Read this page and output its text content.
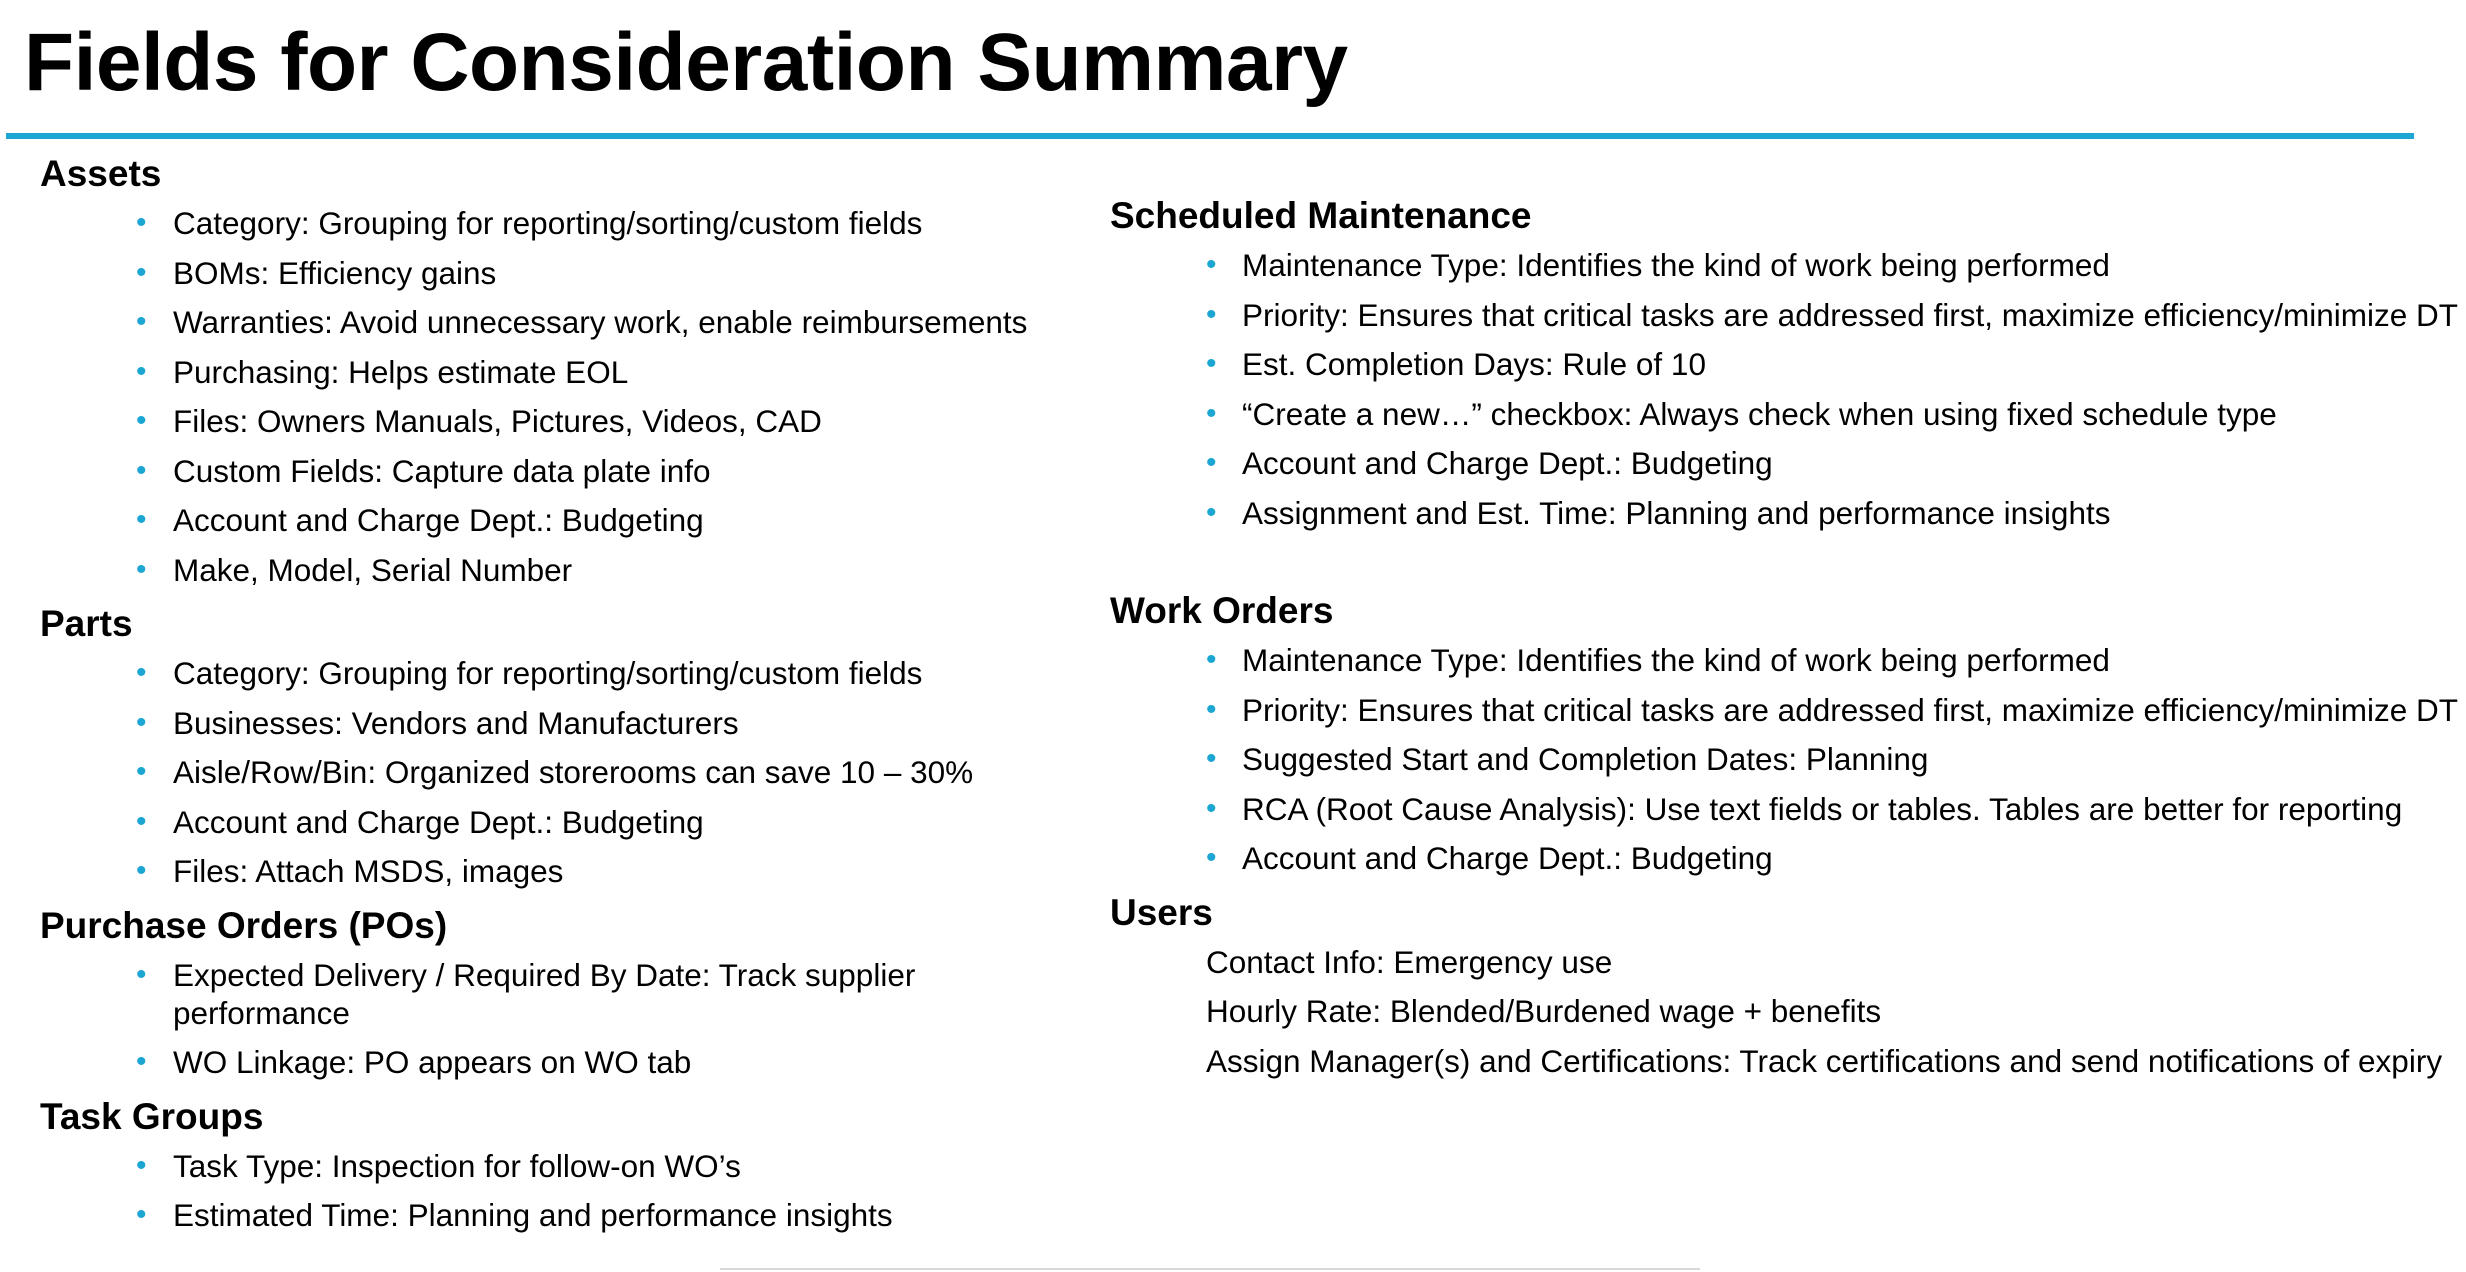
Fields for Consideration Summary
Assets
• Category: Grouping for reporting/sorting/custom fields
• BOMs: Efficiency gains
• Warranties: Avoid unnecessary work, enable reimbursements
• Purchasing: Helps estimate EOL
• Files: Owners Manuals, Pictures, Videos, CAD
• Custom Fields: Capture data plate info
• Account and Charge Dept.: Budgeting
• Make, Model, Serial Number
Parts
• Category: Grouping for reporting/sorting/custom fields
• Businesses: Vendors and Manufacturers
• Aisle/Row/Bin: Organized storerooms can save 10 – 30%
• Account and Charge Dept.: Budgeting
• Files: Attach MSDS, images
Purchase Orders (POs)
• Expected Delivery / Required By Date: Track supplier performance
• WO Linkage: PO appears on WO tab
Task Groups
• Task Type: Inspection for follow-on WO’s
• Estimated Time: Planning and performance insights
Scheduled Maintenance
• Maintenance Type: Identifies the kind of work being performed
• Priority: Ensures that critical tasks are addressed first, maximize efficiency/minimize DT
• Est. Completion Days: Rule of 10
• “Create a new…” checkbox: Always check when using fixed schedule type
• Account and Charge Dept.: Budgeting
• Assignment and Est. Time: Planning and performance insights
Work Orders
• Maintenance Type: Identifies the kind of work being performed
• Priority: Ensures that critical tasks are addressed first, maximize efficiency/minimize DT
• Suggested Start and Completion Dates: Planning
• RCA (Root Cause Analysis): Use text fields or tables. Tables are better for reporting
• Account and Charge Dept.: Budgeting
Users
Contact Info: Emergency use
Hourly Rate: Blended/Burdened wage + benefits
Assign Manager(s) and Certifications: Track certifications and send notifications of expiry
